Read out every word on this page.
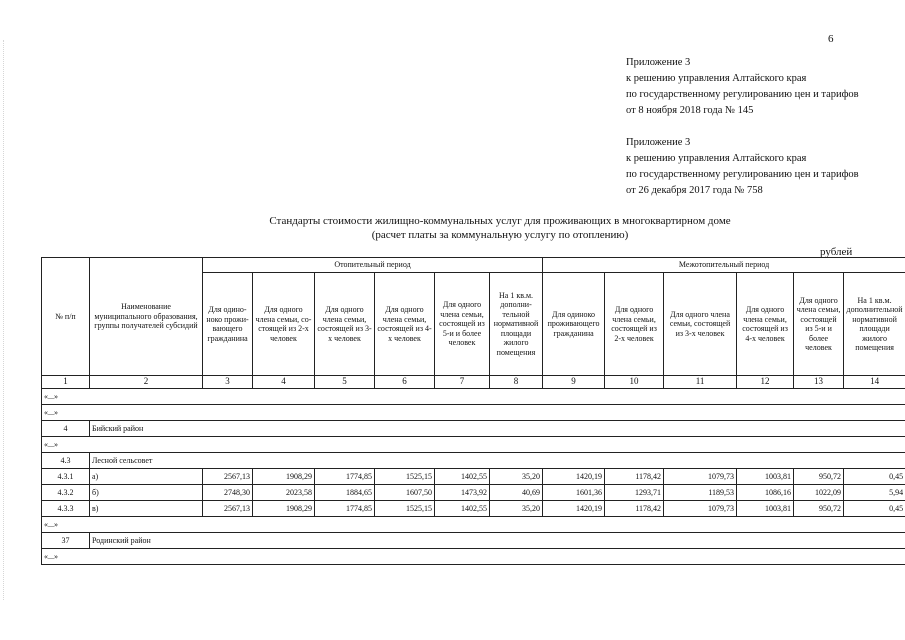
6
Приложение 3
к решению управления Алтайского края
по государственному регулированию цен и тарифов
от 8 ноября 2018 года № 145
Приложение 3
к решению управления Алтайского края
по государственному регулированию цен и тарифов
от 26 декабря 2017 года № 758
Стандарты стоимости жилищно-коммунальных услуг для проживающих в многоквартирном доме
(расчет платы за коммунальную услугу по отоплению)
рублей
№ п/п	Наименование муниципального образования, группы получателей субсидий	Отопительный период						Межотопительный период					
		Для одиноноко проживающего гражданина	Для одного члена семьи, состоящей из 2-х человек	Для одного члена семьи, состоящей из 3-х человек	Для одного члена семьи, состоящей из 4-х человек	Для одного члена семьи, состоящей из 5-и и более человек	На 1 кв.м. дополнительной нормативной площади жилого помещения	Для одиноко проживающего гражданина	Для одного члена семьи, состоящей из 2-х человек	Для одного члена семьи, состоящей из 3-х человек	Для одного члена семьи, состоящей из 4-х человек	Для одного члена семьи, состоящей из 5-и и более человек	На 1 кв.м. дополнительной нормативной площади жилого помещения
1	2	3	4	5	6	7	8	9	10	11	12	13	14
«...»													
«...»													
4	Бийский район												
«...»													
4.3	Лесной сельсовет												
4.3.1	а)	2567,13	1908,29	1774,85	1525,15	1402,55	35,20	1420,19	1178,42	1079,73	1003,81	950,72	0,45
4.3.2	б)	2748,30	2023,58	1884,65	1607,50	1473,92	40,69	1601,36	1293,71	1189,53	1086,16	1022,09	5,94
4.3.3	в)	2567,13	1908,29	1774,85	1525,15	1402,55	35,20	1420,19	1178,42	1079,73	1003,81	950,72	0,45
«...»													
37	Родинский район												
«...»													
